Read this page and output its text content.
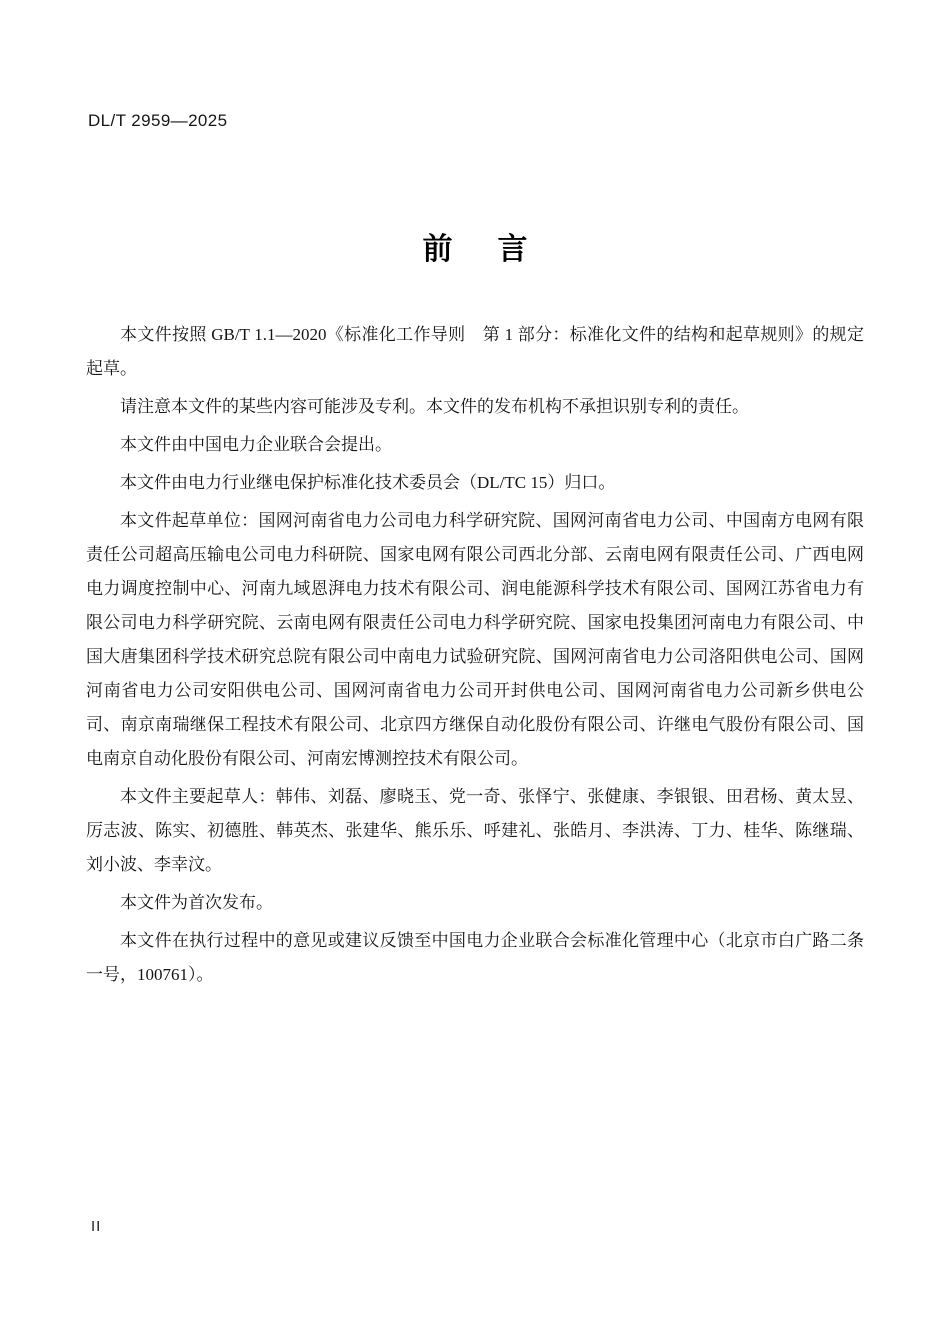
DL/T 2959—2025
前　言

本文件按照 GB/T 1.1—2020《标准化工作导则　第 1 部分：标准化文件的结构和起草规则》的规定起草。

请注意本文件的某些内容可能涉及专利。本文件的发布机构不承担识别专利的责任。

本文件由中国电力企业联合会提出。

本文件由电力行业继电保护标准化技术委员会（DL/TC 15）归口。

本文件起草单位：国网河南省电力公司电力科学研究院、国网河南省电力公司、中国南方电网有限责任公司超高压输电公司电力科研院、国家电网有限公司西北分部、云南电网有限责任公司、广西电网电力调度控制中心、河南九域恩湃电力技术有限公司、润电能源科学技术有限公司、国网江苏省电力有限公司电力科学研究院、云南电网有限责任公司电力科学研究院、国家电投集团河南电力有限公司、中国大唐集团科学技术研究总院有限公司中南电力试验研究院、国网河南省电力公司洛阳供电公司、国网河南省电力公司安阳供电公司、国网河南省电力公司开封供电公司、国网河南省电力公司新乡供电公司、南京南瑞继保工程技术有限公司、北京四方继保自动化股份有限公司、许继电气股份有限公司、国电南京自动化股份有限公司、河南宏博测控技术有限公司。

本文件主要起草人：韩伟、刘磊、廖晓玉、党一奇、张怿宁、张健康、李银银、田君杨、黄太昱、厉志波、陈实、初德胜、韩英杰、张建华、熊乐乐、呼建礼、张皓月、李洪涛、丁力、桂华、陈继瑞、刘小波、李幸汶。

本文件为首次发布。

本文件在执行过程中的意见或建议反馈至中国电力企业联合会标准化管理中心（北京市白广路二条一号，100761）。

II
